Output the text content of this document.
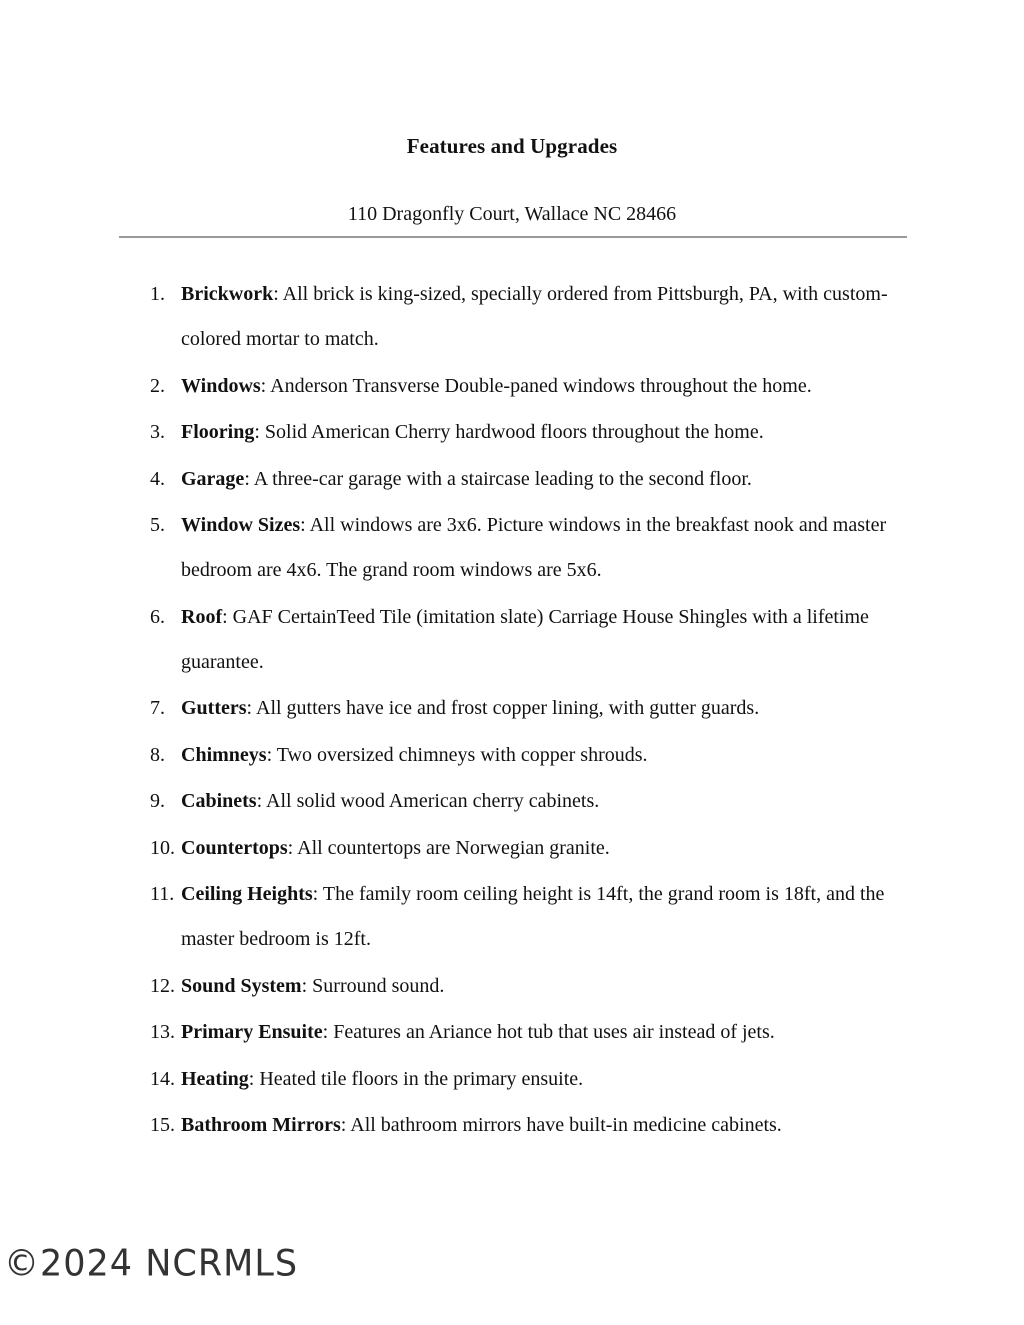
Features and Upgrades
110 Dragonfly Court, Wallace NC 28466
1. Brickwork: All brick is king-sized, specially ordered from Pittsburgh, PA, with custom-colored mortar to match.
2. Windows: Anderson Transverse Double-paned windows throughout the home.
3. Flooring: Solid American Cherry hardwood floors throughout the home.
4. Garage: A three-car garage with a staircase leading to the second floor.
5. Window Sizes: All windows are 3x6. Picture windows in the breakfast nook and master bedroom are 4x6. The grand room windows are 5x6.
6. Roof: GAF CertainTeed Tile (imitation slate) Carriage House Shingles with a lifetime guarantee.
7. Gutters: All gutters have ice and frost copper lining, with gutter guards.
8. Chimneys: Two oversized chimneys with copper shrouds.
9. Cabinets: All solid wood American cherry cabinets.
10. Countertops: All countertops are Norwegian granite.
11. Ceiling Heights: The family room ceiling height is 14ft, the grand room is 18ft, and the master bedroom is 12ft.
12. Sound System: Surround sound.
13. Primary Ensuite: Features an Ariance hot tub that uses air instead of jets.
14. Heating: Heated tile floors in the primary ensuite.
15. Bathroom Mirrors: All bathroom mirrors have built-in medicine cabinets.
©2024 NCRMLS
